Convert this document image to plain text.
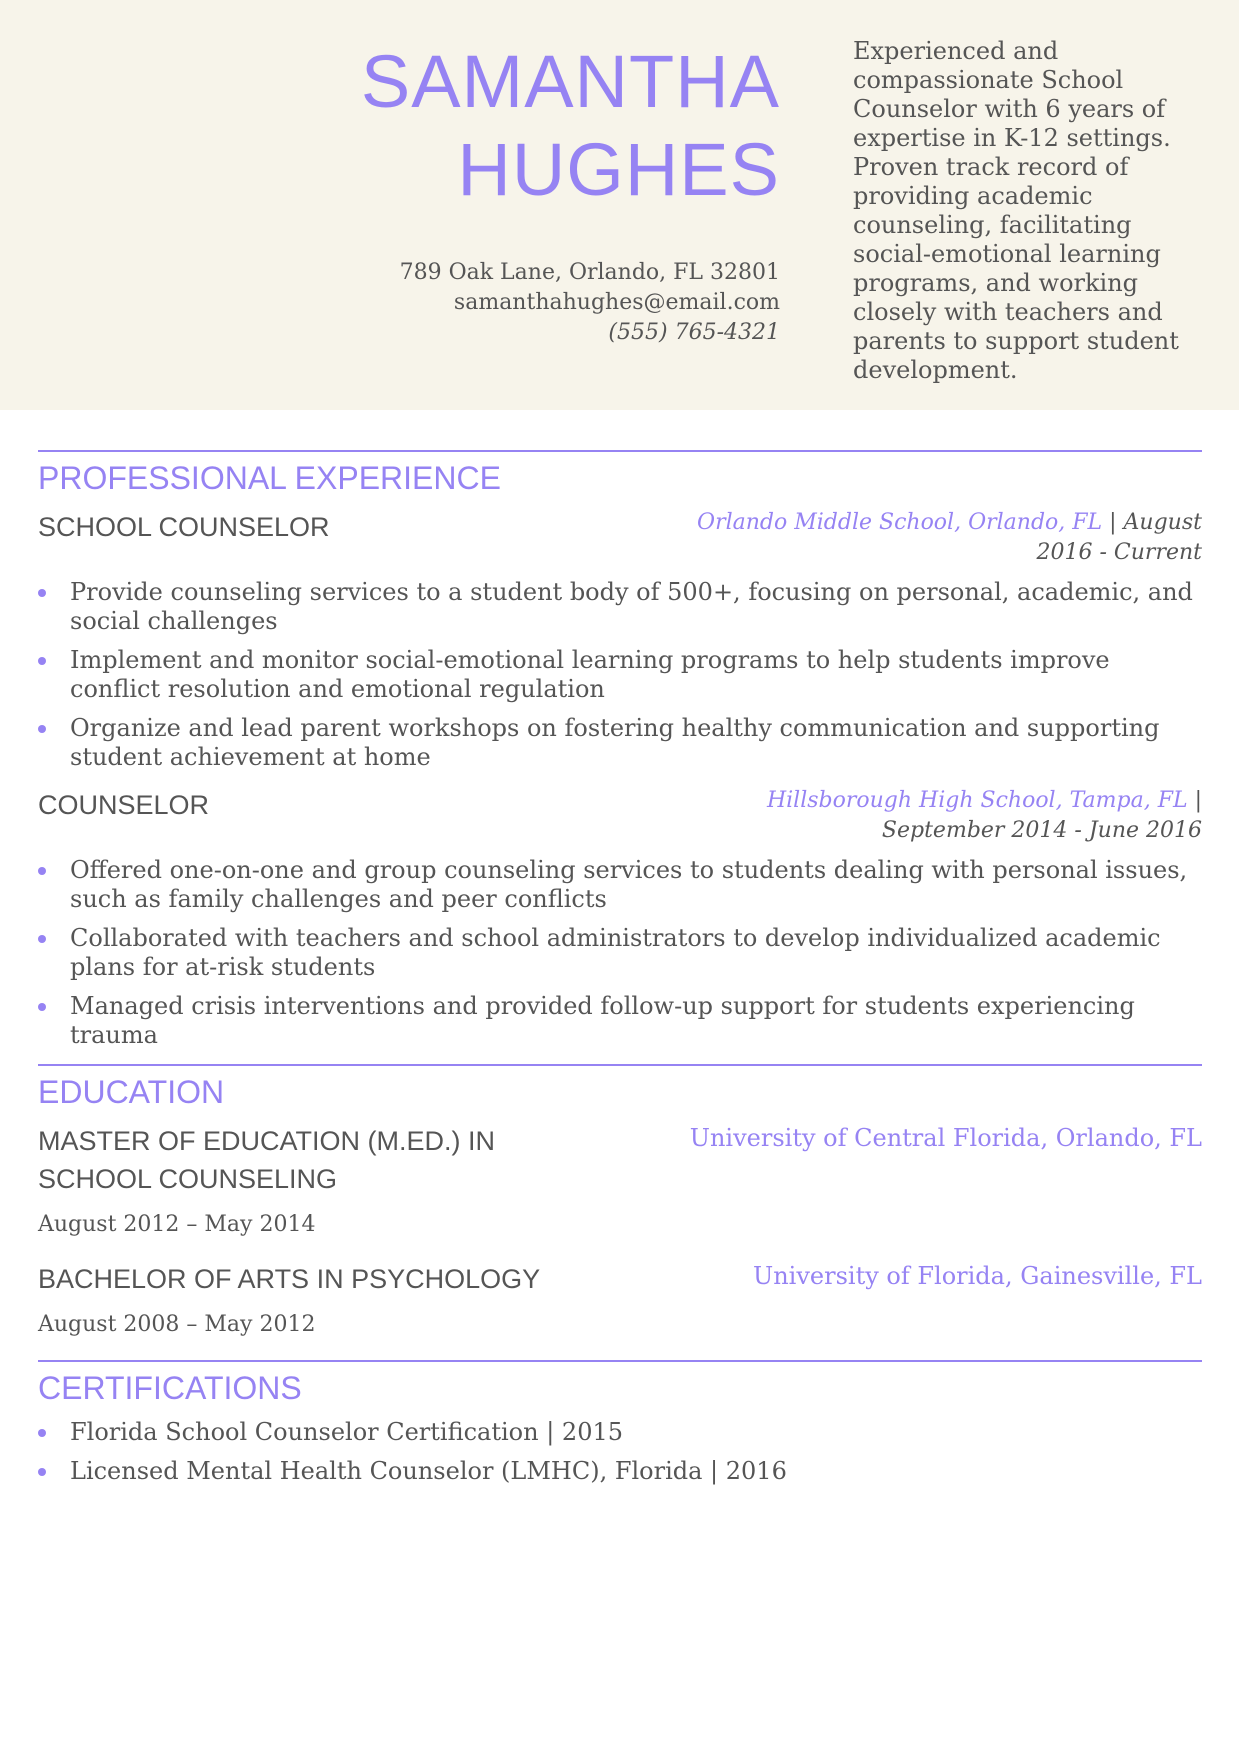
SAMANTHA
HUGHES
789 Oak Lane, Orlando, FL 32801
samanthahughes@email.com
(555) 765-4321
Experienced and compassionate School Counselor with 6 years of expertise in K-12 settings. Proven track record of providing academic counseling, facilitating social-emotional learning programs, and working closely with teachers and parents to support student development.
PROFESSIONAL EXPERIENCE
SCHOOL COUNSELOR	Orlando Middle School, Orlando, FL | August 2016 - Current
Provide counseling services to a student body of 500+, focusing on personal, academic, and social challenges
Implement and monitor social-emotional learning programs to help students improve conflict resolution and emotional regulation
Organize and lead parent workshops on fostering healthy communication and supporting student achievement at home
COUNSELOR	Hillsborough High School, Tampa, FL | September 2014 - June 2016
Offered one-on-one and group counseling services to students dealing with personal issues, such as family challenges and peer conflicts
Collaborated with teachers and school administrators to develop individualized academic plans for at-risk students
Managed crisis interventions and provided follow-up support for students experiencing trauma
EDUCATION
MASTER OF EDUCATION (M.ED.) IN SCHOOL COUNSELING
University of Central Florida, Orlando, FL
August 2012 – May 2014
BACHELOR OF ARTS IN PSYCHOLOGY	University of Florida, Gainesville, FL
August 2008 – May 2012
CERTIFICATIONS
Florida School Counselor Certification | 2015
Licensed Mental Health Counselor (LMHC), Florida | 2016
